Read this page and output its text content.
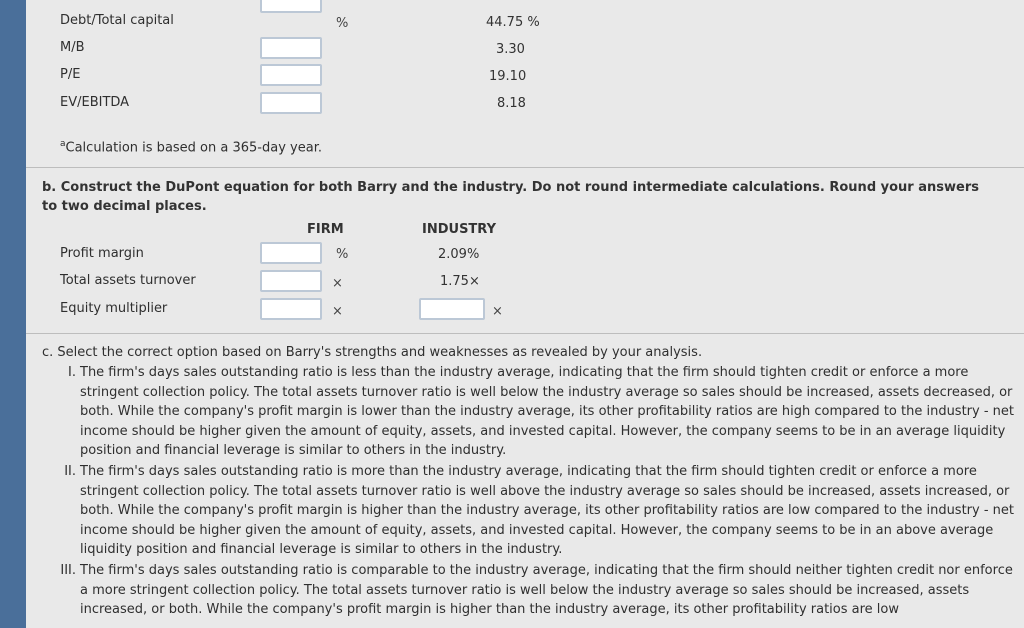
Debt/Total capital	%	44.75 %
M/B	3.30
P/E	19.10
EV/EBITDA	8.18
$^a$Calculation is based on a 365-day year.
b. Construct the DuPont equation for both Barry and the industry. Do not round intermediate calculations. Round your answers to two decimal places.
FIRM	INDUSTRY
Profit margin	%	2.09%
Total assets turnover	×	1.75×
Equity multiplier	×	×
c. Select the correct option based on Barry's strengths and weaknesses as revealed by your analysis.
I. The firm's days sales outstanding ratio is less than the industry average, indicating that the firm should tighten credit or enforce a more stringent collection policy. The total assets turnover ratio is well below the industry average so sales should be increased, assets decreased, or both. While the company's profit margin is lower than the industry average, its other profitability ratios are high compared to the industry - net income should be higher given the amount of equity, assets, and invested capital. However, the company seems to be in an average liquidity position and financial leverage is similar to others in the industry.
II. The firm's days sales outstanding ratio is more than the industry average, indicating that the firm should tighten credit or enforce a more stringent collection policy. The total assets turnover ratio is well above the industry average so sales should be increased, assets increased, or both. While the company's profit margin is higher than the industry average, its other profitability ratios are low compared to the industry - net income should be higher given the amount of equity, assets, and invested capital. However, the company seems to be in an above average liquidity position and financial leverage is similar to others in the industry.
III. The firm's days sales outstanding ratio is comparable to the industry average, indicating that the firm should neither tighten credit nor enforce a more stringent collection policy. The total assets turnover ratio is well below the industry average so sales should be increased, assets increased, or both. While the company's profit margin is higher than the industry average, its other profitability ratios are low
